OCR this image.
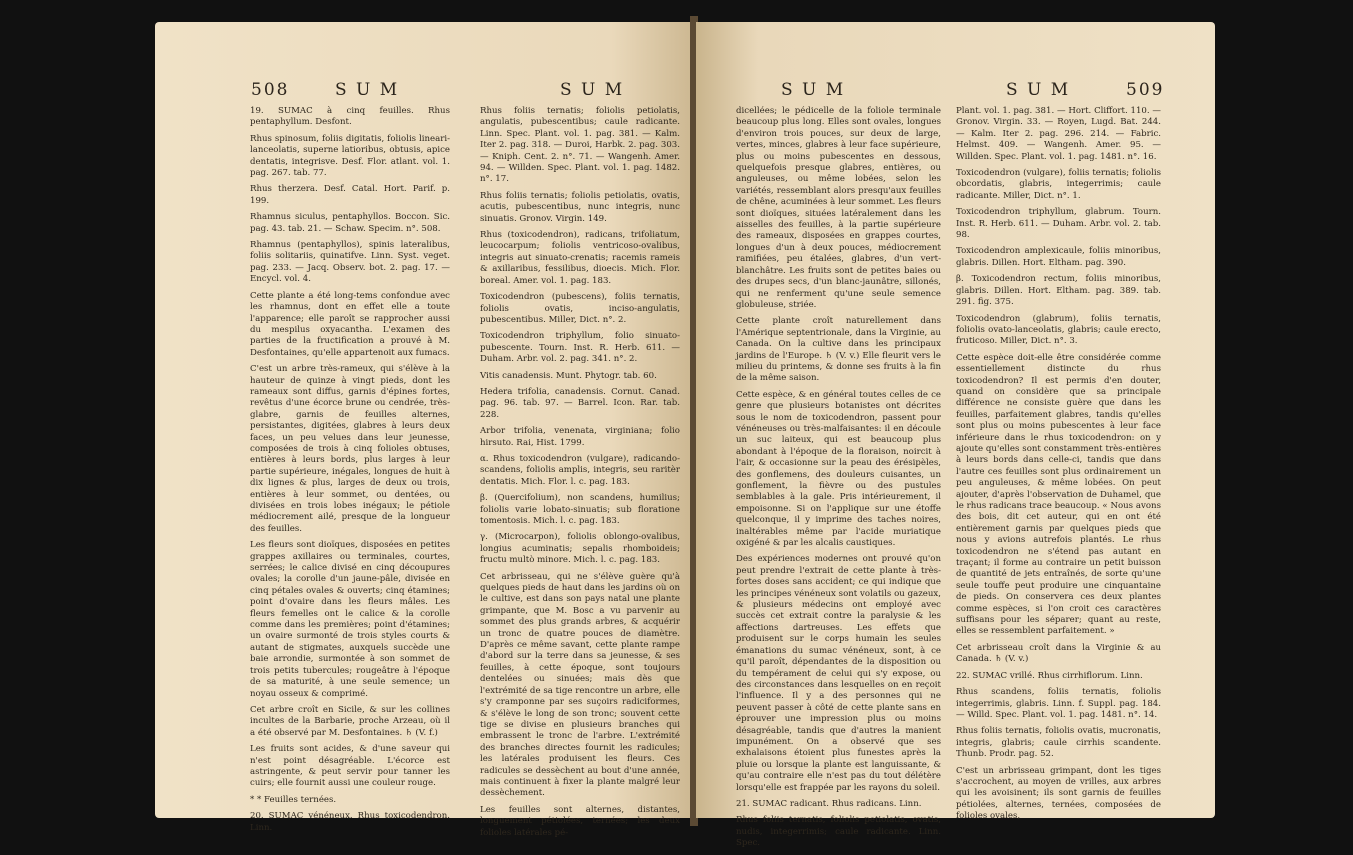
508	S U M	S U M

19. SUMAC à cinq feuilles. Rhus pentaphyllum. Desfont.

Rhus spinosum, foliis digitatis, foliolis lineari-lanceolatis, superne latioribus, obtusis, apice dentatis, integrisve. Desf. Flor. atlant. vol. 1. pag. 267. tab. 77.

Rhus therzera. Desf. Catal. Hort. Parif. p. 199.

Rhamnus siculus, pentaphyllos. Boccon. Sic. pag. 43. tab. 21. — Schaw. Specim. n°. 508.

Rhamnus (pentaphyllos), spinis lateralibus, foliis solitariis, quinatifve. Linn. Syst. veget. pag. 233. — Jacq. Observ. bot. 2. pag. 17. — Encycl. vol. 4.

Cette plante a été long-tems confondue avec les rhamnus, dont en effet elle a toute l'apparence; elle paroît se rapprocher aussi du mespilus oxyacantha. L'examen des parties de la fructification a prouvé à M. Desfontaines, qu'elle appartenoit aux fumacs.

C'est un arbre très-rameux, qui s'élève à la hauteur de quinze à vingt pieds, dont les rameaux sont diffus, garnis d'épines fortes, revêtus d'une écorce brune ou cendrée, très-glabre, garnis de feuilles alternes, persistantes, digitées, glabres à leurs deux faces, un peu velues dans leur jeunesse, composées de trois à cinq folioles obtuses, entières à leurs bords, plus larges à leur partie supérieure, inégales, longues de huit à dix lignes & plus, larges de deux ou trois, entières à leur sommet, ou dentées, ou divisées en trois lobes inégaux; le pétiole médiocrement ailé, presque de la longueur des feuilles.

Les fleurs sont dioïques, disposées en petites grappes axillaires ou terminales, courtes, serrées; le calice divisé en cinq découpures ovales; la corolle d'un jaune-pâle, divisée en cinq pétales ovales & ouverts; cinq étamines; point d'ovaire dans les fleurs mâles. Les fleurs femelles ont le calice & la corolle comme dans les premières; point d'étamines; un ovaire surmonté de trois styles courts & autant de stigmates, auxquels succède une baie arrondie, surmontée à son sommet de trois petits tubercules; rougeâtre à l'époque de sa maturité, à une seule semence; un noyau osseux & comprimé.

Cet arbre croît en Sicile, & sur les collines incultes de la Barbarie, proche Arzeau, où il a été observé par M. Desfontaines. ♄ (V. f.)

Les fruits sont acides, & d'une saveur qui n'est point désagréable. L'écorce est astringente, & peut servir pour tanner les cuirs; elle fournit aussi une couleur rouge.

* * Feuilles ternées.

20. SUMAC vénéneux. Rhus toxicodendron. Linn.

Rhus foliis ternatis; foliolis petiolatis, angulatis, pubescentibus; caule radicante. Linn. Spec. Plant. vol. 1. pag. 381. — Kalm. Iter 2. pag. 318. — Duroi, Harbk. 2. pag. 303. — Kniph. Cent. 2. n°. 71. — Wangenh. Amer. 94. — Willden. Spec. Plant. vol. 1. pag. 1482. n°. 17.

Rhus foliis ternatis; foliolis petiolatis, ovatis, acutis, pubescentibus, nunc integris, nunc sinuatis. Gronov. Virgin. 149.

Rhus (toxicodendron), radicans, trifoliatum, leucocarpum; foliolis ventricoso-ovalibus, integris aut sinuato-crenatis; racemis rameis & axillaribus, fessilibus, dioecis. Mich. Flor. boreal. Amer. vol. 1. pag. 183.

Toxicodendron (pubescens), foliis ternatis, foliolis ovatis, inciso-angulatis, pubescentibus. Miller, Dict. n°. 2.

Toxicodendron triphyllum, folio sinuato-pubescente. Tourn. Inst. R. Herb. 611. — Duham. Arbr. vol. 2. pag. 341. n°. 2.

Vitis canadensis. Munt. Phytogr. tab. 60.

Hedera trifolia, canadensis. Cornut. Canad. pag. 96. tab. 97. — Barrel. Icon. Rar. tab. 228.

Arbor trifolia, venenata, virginiana; folio hirsuto. Rai, Hist. 1799.

α. Rhus toxicodendron (vulgare), radicando-scandens, foliolis amplis, integris, seu raritèr dentatis. Mich. Flor. l. c. pag. 183.

β. (Quercifolium), non scandens, humilius; foliolis varie lobato-sinuatis; sub floratione tomentosis. Mich. l. c. pag. 183.

γ. (Microcarpon), foliolis oblongo-ovalibus, longius acuminatis; sepalis rhomboideis; fructu multò minore. Mich. l. c. pag. 183.

Cet arbrisseau, qui ne s'élève guère qu'à quelques pieds de haut dans les jardins où on le cultive, est dans son pays natal une plante grimpante, que M. Bosc a vu parvenir au sommet des plus grands arbres, & acquérir un tronc de quatre pouces de diamètre. D'après ce même savant, cette plante rampe d'abord sur la terre dans sa jeunesse, & ses feuilles, à cette époque, sont toujours dentelées ou sinuées; mais dès que l'extrémité de sa tige rencontre un arbre, elle s'y cramponne par ses suçoirs radiciformes, & s'élève le long de son tronc; souvent cette tige se divise en plusieurs branches qui embrassent le tronc de l'arbre. L'extrémité des branches directes fournit les radicules; les latérales produisent les fleurs. Ces radicules se dessèchent au bout d'une année, mais continuent à fixer la plante malgré leur dessèchement.

Les feuilles sont alternes, distantes, longuement pétiolées, ternées; les deux folioles latérales pé-

S U M	S U M	509

dicellées; le pédicelle de la foliole terminale beaucoup plus long. Elles sont ovales, longues d'environ trois pouces, sur deux de large, vertes, minces, glabres à leur face supérieure, plus ou moins pubescentes en dessous, quelquefois presque glabres, entières, ou anguleuses, ou même lobées, selon les variétés, ressemblant alors presqu'aux feuilles de chêne, acuminées à leur sommet. Les fleurs sont dioïques, situées latéralement dans les aisselles des feuilles, à la partie supérieure des rameaux, disposées en grappes courtes, longues d'un à deux pouces, médiocrement ramifiées, peu étalées, glabres, d'un vert-blanchâtre. Les fruits sont de petites baies ou des drupes secs, d'un blanc-jaunâtre, sillonés, qui ne renferment qu'une seule semence globuleuse, striée.

Cette plante croît naturellement dans l'Amérique septentrionale, dans la Virginie, au Canada. On la cultive dans les principaux jardins de l'Europe. ♄ (V. v.) Elle fleurit vers le milieu du printems, & donne ses fruits à la fin de la même saison.

Cette espèce, & en général toutes celles de ce genre que plusieurs botanistes ont décrites sous le nom de toxicodendron, passent pour vénéneuses ou très-malfaisantes: il en découle un suc laiteux, qui est beaucoup plus abondant à l'époque de la floraison, noircit à l'air, & occasionne sur la peau des érésipèles, des gonflemens, des douleurs cuisantes, un gonflement, la fièvre ou des pustules semblables à la gale. Pris intérieurement, il empoisonne. Si on l'applique sur une étoffe quelconque, il y imprime des taches noires, inaltérables même par l'acide muriatique oxigéné & par les alcalis caustiques.

Des expériences modernes ont prouvé qu'on peut prendre l'extrait de cette plante à très-fortes doses sans accident; ce qui indique que les principes vénéneux sont volatils ou gazeux, & plusieurs médecins ont employé avec succès cet extrait contre la paralysie & les affections dartreuses. Les effets que produisent sur le corps humain les seules émanations du sumac vénéneux, sont, à ce qu'il paroît, dépendantes de la disposition ou du tempérament de celui qui s'y expose, ou des circonstances dans lesquelles on en reçoit l'influence. Il y a des personnes qui ne peuvent passer à côté de cette plante sans en éprouver une impression plus ou moins désagréable, tandis que d'autres la manient impunément. On a observé que ses exhalaisons étoient plus funestes après la pluie ou lorsque la plante est languissante, & qu'au contraire elle n'est pas du tout délétère lorsqu'elle est frappée par les rayons du soleil.

21. SUMAC radicant. Rhus radicans. Linn.

Rhus foliis ternatis, foliolis petiolatis, ovatis, nudis, integerrimis; caule radicante. Linn. Spec.

Plant. vol. 1. pag. 381. — Hort. Cliffort. 110. — Gronov. Virgin. 33. — Royen, Lugd. Bat. 244. — Kalm. Iter 2. pag. 296. 214. — Fabric. Helmst. 409. — Wangenh. Amer. 95. — Willden. Spec. Plant. vol. 1. pag. 1481. n°. 16.

Toxicodendron (vulgare), foliis ternatis; foliolis obcordatis, glabris, integerrimis; caule radicante. Miller, Dict. n°. 1.

Toxicodendron triphyllum, glabrum. Tourn. Inst. R. Herb. 611. — Duham. Arbr. vol. 2. tab. 98.

Toxicodendron amplexicaule, foliis minoribus, glabris. Dillen. Hort. Eltham. pag. 390.

β. Toxicodendron rectum, foliis minoribus, glabris. Dillen. Hort. Eltham. pag. 389. tab. 291. fig. 375.

Toxicodendron (glabrum), foliis ternatis, foliolis ovato-lanceolatis, glabris; caule erecto, fruticoso. Miller, Dict. n°. 3.

Cette espèce doit-elle être considérée comme essentiellement distincte du rhus toxicodendron? Il est permis d'en douter, quand on considère que sa principale différence ne consiste guère que dans les feuilles, parfaitement glabres, tandis qu'elles sont plus ou moins pubescentes à leur face inférieure dans le rhus toxicodendron: on y ajoute qu'elles sont constamment très-entières à leurs bords dans celle-ci, tandis que dans l'autre ces feuilles sont plus ordinairement un peu anguleuses, & même lobées. On peut ajouter, d'après l'observation de Duhamel, que le rhus radicans trace beaucoup. « Nous avons des bois, dit cet auteur, qui en ont été entièrement garnis par quelques pieds que nous y avions autrefois plantés. Le rhus toxicodendron ne s'étend pas autant en traçant; il forme au contraire un petit buisson de quantité de jets entraînés, de sorte qu'une seule touffe peut produire une cinquantaine de pieds. On conservera ces deux plantes comme espèces, si l'on croit ces caractères suffisans pour les séparer; quant au reste, elles se ressemblent parfaitement. »

Cet arbrisseau croît dans la Virginie & au Canada. ♄ (V. v.)

22. SUMAC vrillé. Rhus cirrhiflorum. Linn.

Rhus scandens, foliis ternatis, foliolis integerrimis, glabris. Linn. f. Suppl. pag. 184. — Willd. Spec. Plant. vol. 1. pag. 1481. n°. 14.

Rhus foliis ternatis, foliolis ovatis, mucronatis, integris, glabris; caule cirrhis scandente. Thunb. Prodr. pag. 52.

C'est un arbrisseau grimpant, dont les tiges s'accrochent, au moyen de vrilles, aux arbres qui les avoisinent; ils sont garnis de feuilles pétiolées, alternes, ternées, composées de folioles ovales,
